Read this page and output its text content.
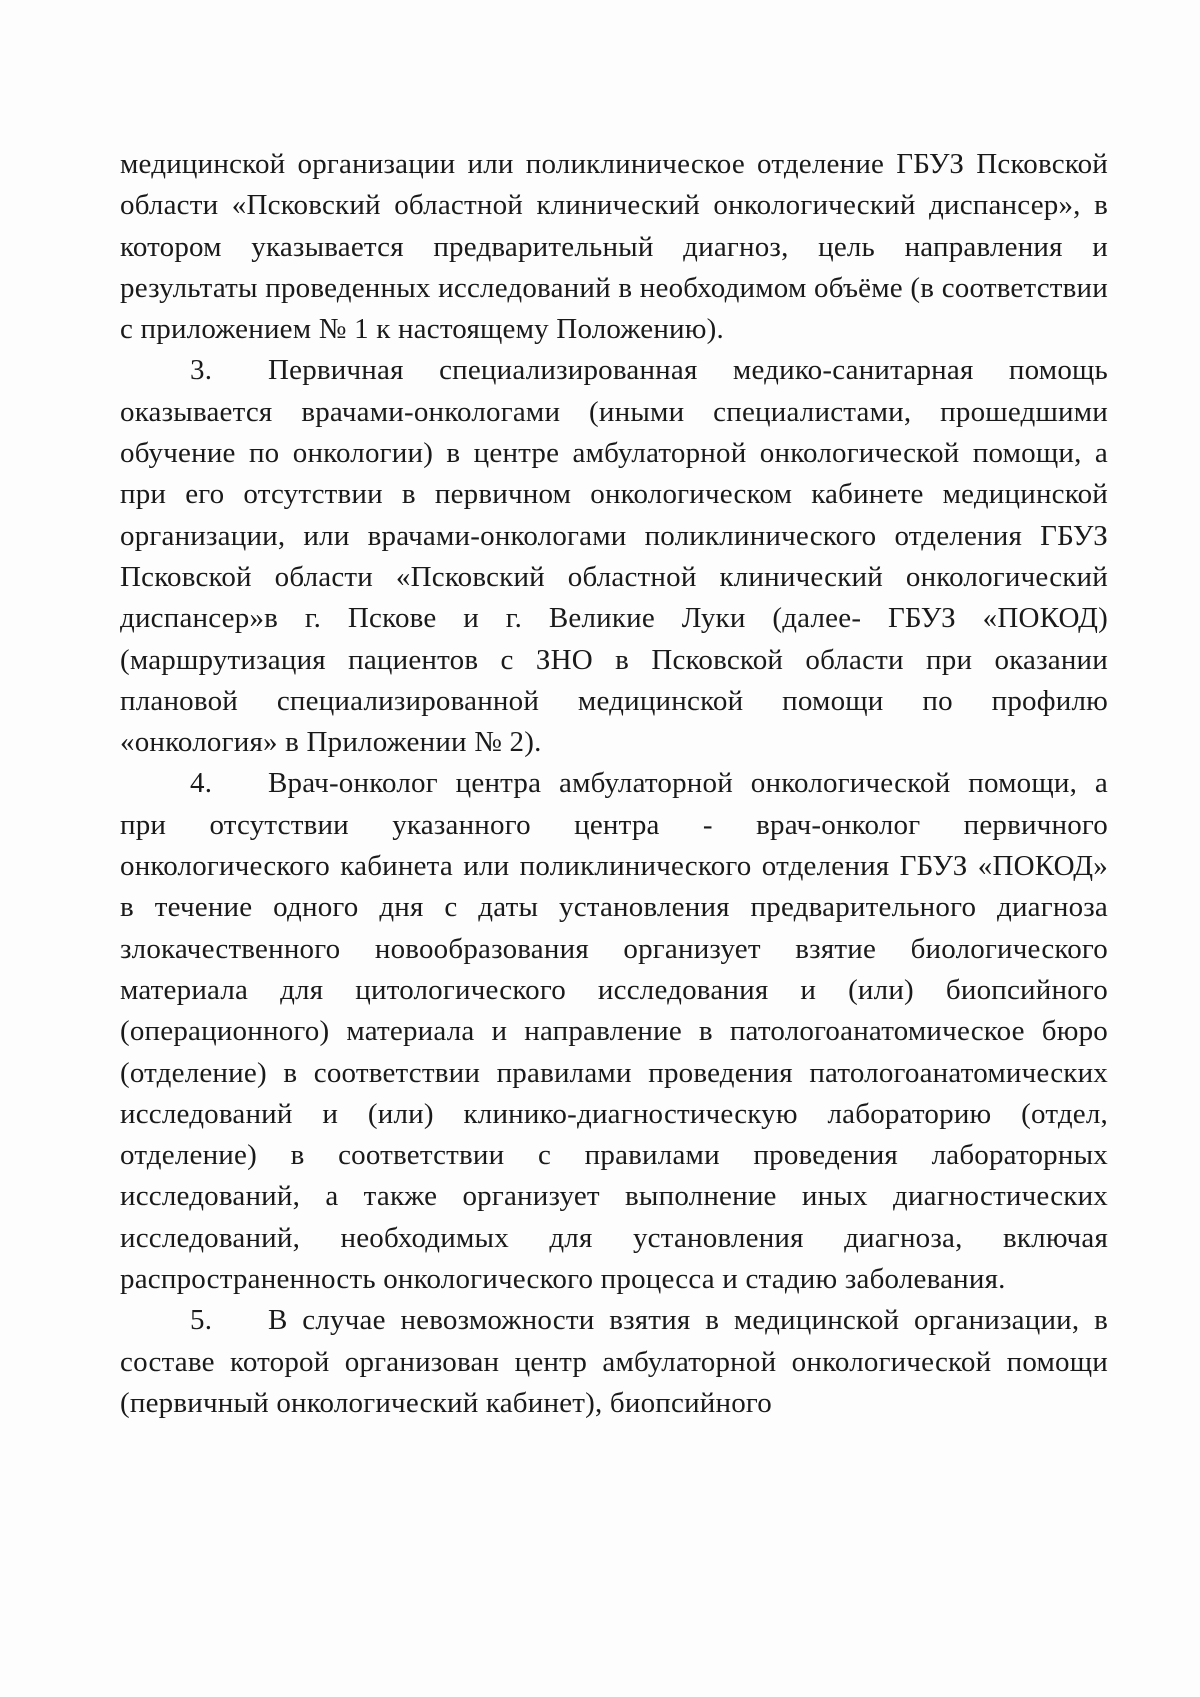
медицинской организации или поликлиническое отделение ГБУЗ Псковской области «Псковский областной клинический онкологический диспансер», в котором указывается предварительный диагноз, цель направления и результаты проведенных исследований в необходимом объёме (в соответствии с приложением № 1 к настоящему Положению).

3. Первичная специализированная медико-санитарная помощь оказывается врачами-онкологами (иными специалистами, прошедшими обучение по онкологии) в центре амбулаторной онкологической помощи, а при его отсутствии в первичном онкологическом кабинете медицинской организации, или врачами-онкологами поликлинического отделения ГБУЗ Псковской области «Псковский областной клинический онкологический диспансер»в г. Пскове и г. Великие Луки (далее- ГБУЗ «ПОКОД) (маршрутизация пациентов с ЗНО в Псковской области при оказании плановой специализированной медицинской помощи по профилю «онкология» в Приложении № 2).

4. Врач-онколог центра амбулаторной онкологической помощи, а при отсутствии указанного центра - врач-онколог первичного онкологического кабинета или поликлинического отделения ГБУЗ «ПОКОД» в течение одного дня с даты установления предварительного диагноза злокачественного новообразования организует взятие биологического материала для цитологического исследования и (или) биопсийного (операционного) материала и направление в патологоанатомическое бюро (отделение) в соответствии правилами проведения патологоанатомических исследований и (или) клинико-диагностическую лабораторию (отдел, отделение) в соответствии с правилами проведения лабораторных исследований, а также организует выполнение иных диагностических исследований, необходимых для установления диагноза, включая распространенность онкологического процесса и стадию заболевания.

5. В случае невозможности взятия в медицинской организации, в составе которой организован центр амбулаторной онкологической помощи (первичный онкологический кабинет), биопсийного
